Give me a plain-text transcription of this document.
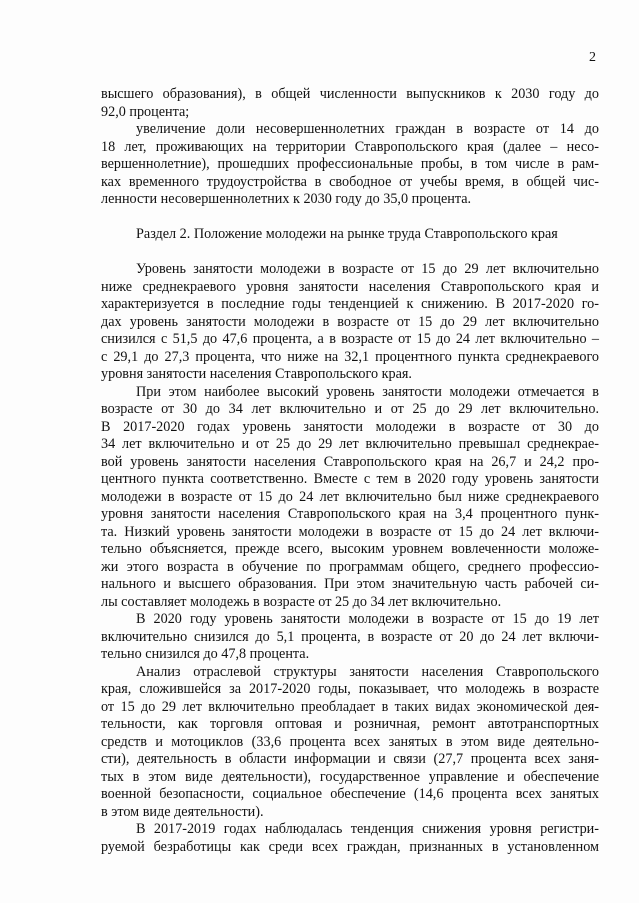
2
высшего образования), в общей численности выпускников к 2030 году до
92,0 процента;
увеличение доли несовершеннолетних граждан в возрасте от 14 до
18 лет, проживающих на территории Ставропольского края (далее – несо-
вершеннолетние), прошедших профессиональные пробы, в том числе в рам-
ках временного трудоустройства в свободное от учебы время, в общей чис-
ленности несовершеннолетних к 2030 году до 35,0 процента.
Раздел 2. Положение молодежи на рынке труда Ставропольского края
Уровень занятости молодежи в возрасте от 15 до 29 лет включительно
ниже среднекраевого уровня занятости населения Ставропольского края и
характеризуется в последние годы тенденцией к снижению. В 2017-2020 го-
дах уровень занятости молодежи в возрасте от 15 до 29 лет включительно
снизился с 51,5 до 47,6 процента, а в возрасте от 15 до 24 лет включительно –
с 29,1 до 27,3 процента, что ниже на 32,1 процентного пункта среднекраевого
уровня занятости населения Ставропольского края.
При этом наиболее высокий уровень занятости молодежи отмечается в
возрасте от 30 до 34 лет включительно и от 25 до 29 лет включительно.
В 2017-2020 годах уровень занятости молодежи в возрасте от 30 до
34 лет включительно и от 25 до 29 лет включительно превышал среднекрае-
вой уровень занятости населения Ставропольского края на 26,7 и 24,2 про-
центного пункта соответственно. Вместе с тем в 2020 году уровень занятости
молодежи в возрасте от 15 до 24 лет включительно был ниже среднекраевого
уровня занятости населения Ставропольского края на 3,4 процентного пунк-
та. Низкий уровень занятости молодежи в возрасте от 15 до 24 лет включи-
тельно объясняется, прежде всего, высоким уровнем вовлеченности моложе-
жи этого возраста в обучение по программам общего, среднего профессио-
нального и высшего образования. При этом значительную часть рабочей си-
лы составляет молодежь в возрасте от 25 до 34 лет включительно.
В 2020 году уровень занятости молодежи в возрасте от 15 до 19 лет
включительно снизился до 5,1 процента, в возрасте от 20 до 24 лет включи-
тельно снизился до 47,8 процента.
Анализ отраслевой структуры занятости населения Ставропольского
края, сложившейся за 2017-2020 годы, показывает, что молодежь в возрасте
от 15 до 29 лет включительно преобладает в таких видах экономической дея-
тельности, как торговля оптовая и розничная, ремонт автотранспортных
средств и мотоциклов (33,6 процента всех занятых в этом виде деятельно-
сти), деятельность в области информации и связи (27,7 процента всех заня-
тых в этом виде деятельности), государственное управление и обеспечение
военной безопасности, социальное обеспечение (14,6 процента всех занятых
в этом виде деятельности).
В 2017-2019 годах наблюдалась тенденция снижения уровня регистри-
руемой безработицы как среди всех граждан, признанных в установленном
